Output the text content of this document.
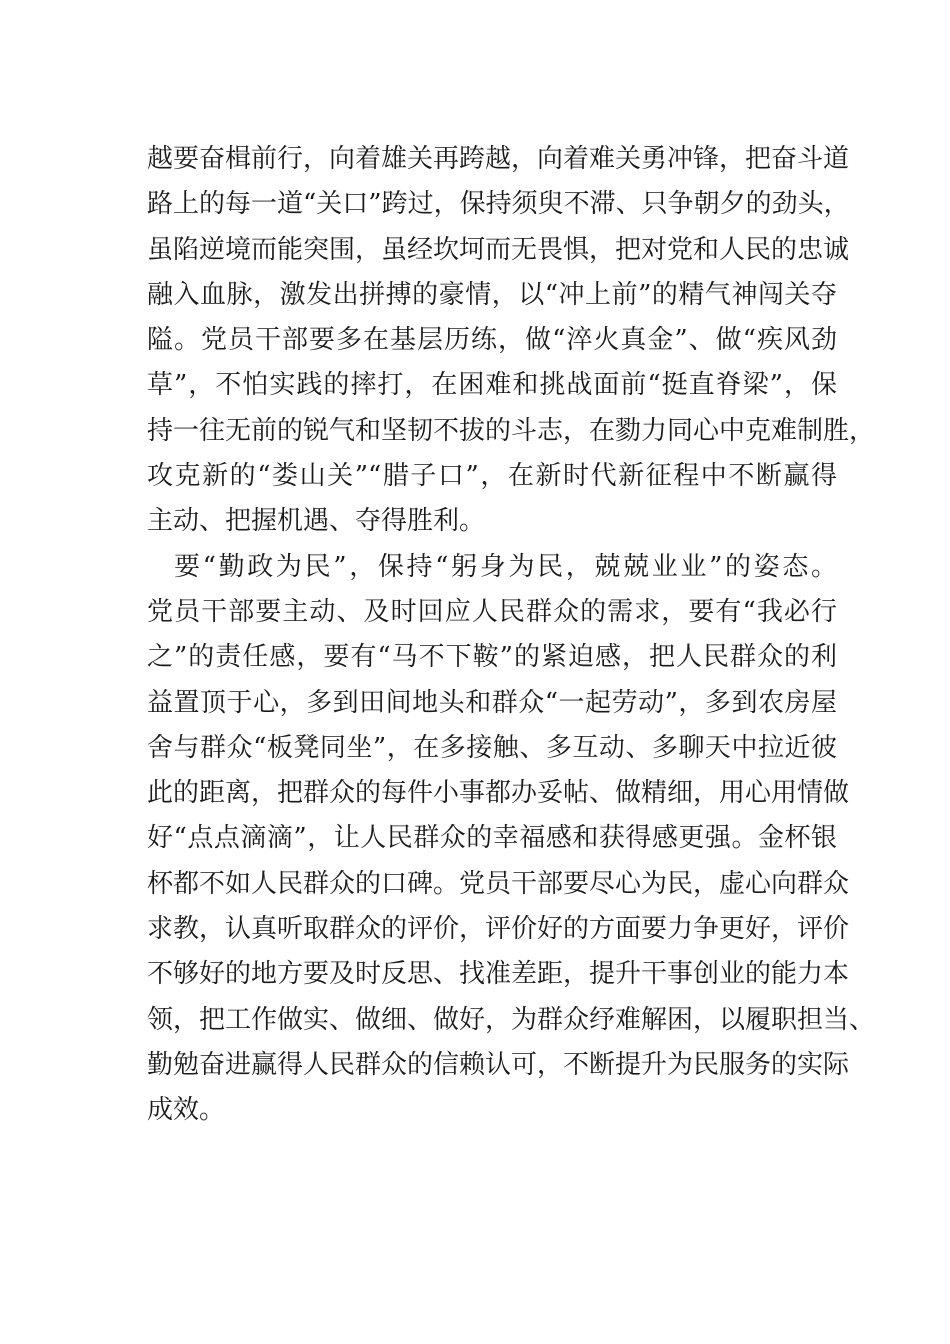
越要奋楫前行，向着雄关再跨越，向着难关勇冲锋，把奋斗道
路上的每一道“关口”跨过，保持须臾不滞、只争朝夕的劲头，
虽陷逆境而能突围，虽经坎坷而无畏惧，把对党和人民的忠诚
融入血脉，激发出拼搏的豪情，以“冲上前”的精气神闯关夺
隘。党员干部要多在基层历练，做“淬火真金”、做“疾风劲
草”，不怕实践的摔打，在困难和挑战面前“挺直脊梁”，保
持一往无前的锐气和坚韧不拔的斗志，在勠力同心中克难制胜，
攻克新的“娄山关”“腊子口”，在新时代新征程中不断赢得
主动、把握机遇、夺得胜利。
要“勤政为民”，保持“躬身为民，兢兢业业”的姿态。
党员干部要主动、及时回应人民群众的需求，要有“我必行
之”的责任感，要有“马不下鞍”的紧迫感，把人民群众的利
益置顶于心，多到田间地头和群众“一起劳动”，多到农房屋
舍与群众“板凳同坐”，在多接触、多互动、多聊天中拉近彼
此的距离，把群众的每件小事都办妥帖、做精细，用心用情做
好“点点滴滴”，让人民群众的幸福感和获得感更强。金杯银
杯都不如人民群众的口碑。党员干部要尽心为民，虚心向群众
求教，认真听取群众的评价，评价好的方面要力争更好，评价
不够好的地方要及时反思、找准差距，提升干事创业的能力本
领，把工作做实、做细、做好，为群众纾难解困，以履职担当、
勤勉奋进赢得人民群众的信赖认可，不断提升为民服务的实际
成效。
